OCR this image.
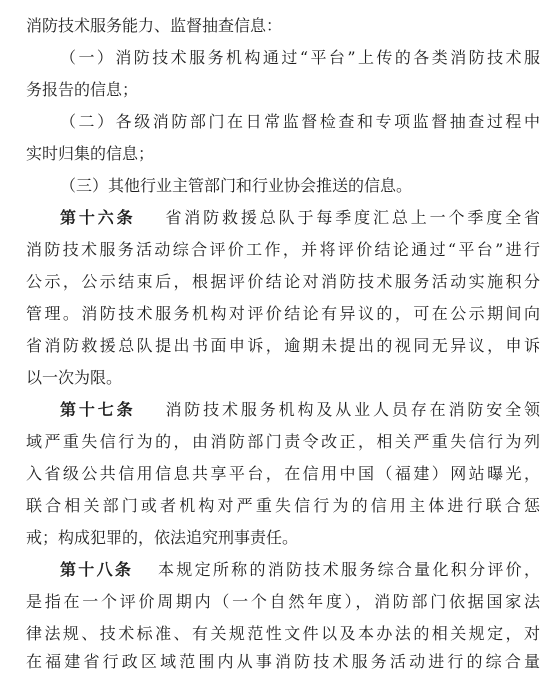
消防技术服务能力、监督抽查信息：
（一）消防技术服务机构通过“平台”上传的各类消防技术服
务报告的信息；
（二）各级消防部门在日常监督检查和专项监督抽查过程中
实时归集的信息；
（三）其他行业主管部门和行业协会推送的信息。
第十六条 省消防救援总队于每季度汇总上一个季度全省
消防技术服务活动综合评价工作，并将评价结论通过“平台”进行
公示，公示结束后，根据评价结论对消防技术服务活动实施积分
管理。消防技术服务机构对评价结论有异议的，可在公示期间向
省消防救援总队提出书面申诉，逾期未提出的视同无异议，申诉
以一次为限。
第十七条 消防技术服务机构及从业人员存在消防安全领
域严重失信行为的，由消防部门责令改正，相关严重失信行为列
入省级公共信用信息共享平台，在信用中国（福建）网站曝光，
联合相关部门或者机构对严重失信行为的信用主体进行联合惩
戒；构成犯罪的，依法追究刑事责任。
第十八条 本规定所称的消防技术服务综合量化积分评价，
是指在一个评价周期内（一个自然年度），消防部门依据国家法
律法规、技术标准、有关规范性文件以及本办法的相关规定，对
在福建省行政区域范围内从事消防技术服务活动进行的综合量
